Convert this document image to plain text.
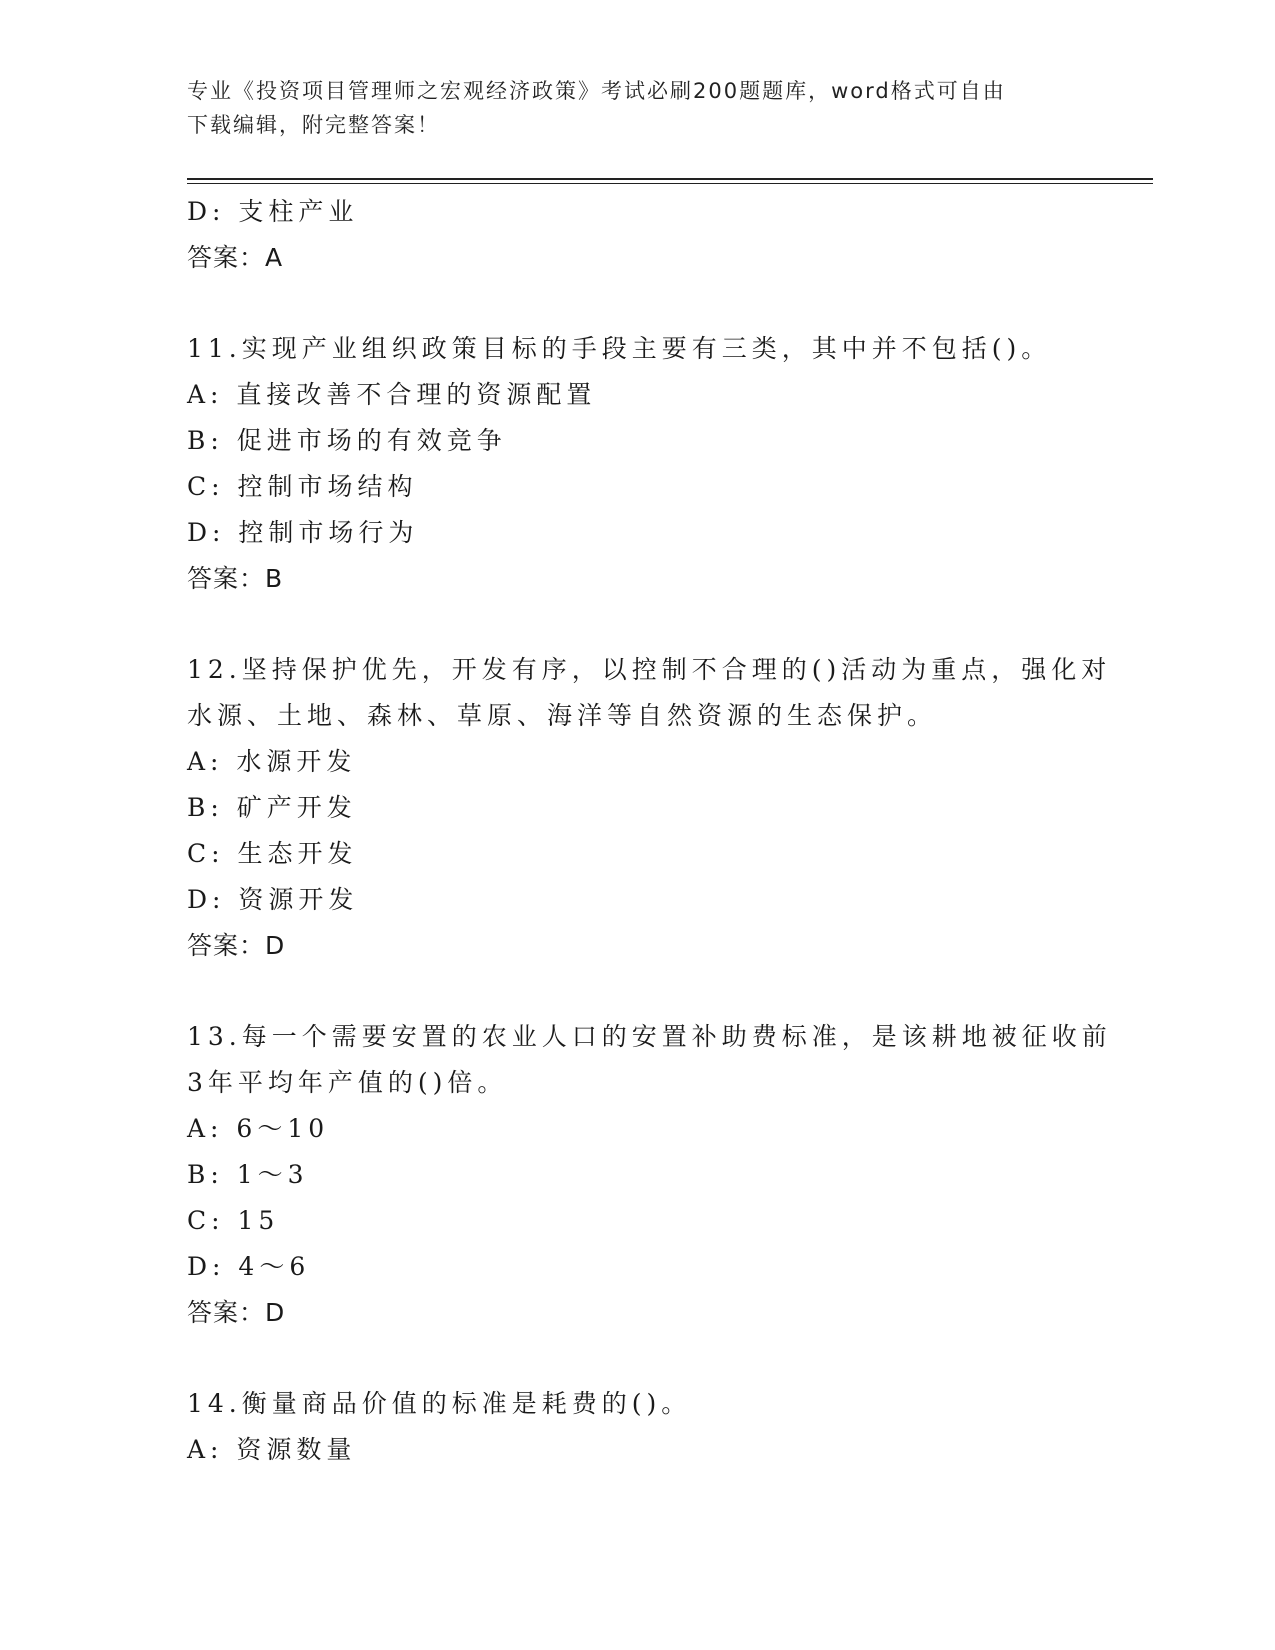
专业《投资项目管理师之宏观经济政策》考试必刷200题题库，word格式可自由
下载编辑，附完整答案！
D: 支柱产业
答案：A
11.实现产业组织政策目标的手段主要有三类，其中并不包括()。
A: 直接改善不合理的资源配置
B: 促进市场的有效竞争
C: 控制市场结构
D: 控制市场行为
答案：B
12.坚持保护优先，开发有序，以控制不合理的()活动为重点，强化对
水源、土地、森林、草原、海洋等自然资源的生态保护。
A: 水源开发
B: 矿产开发
C: 生态开发
D: 资源开发
答案：D
13.每一个需要安置的农业人口的安置补助费标准，是该耕地被征收前
3年平均年产值的()倍。
A: 6～10
B: 1～3
C: 15
D: 4～6
答案：D
14.衡量商品价值的标准是耗费的()。
A: 资源数量
